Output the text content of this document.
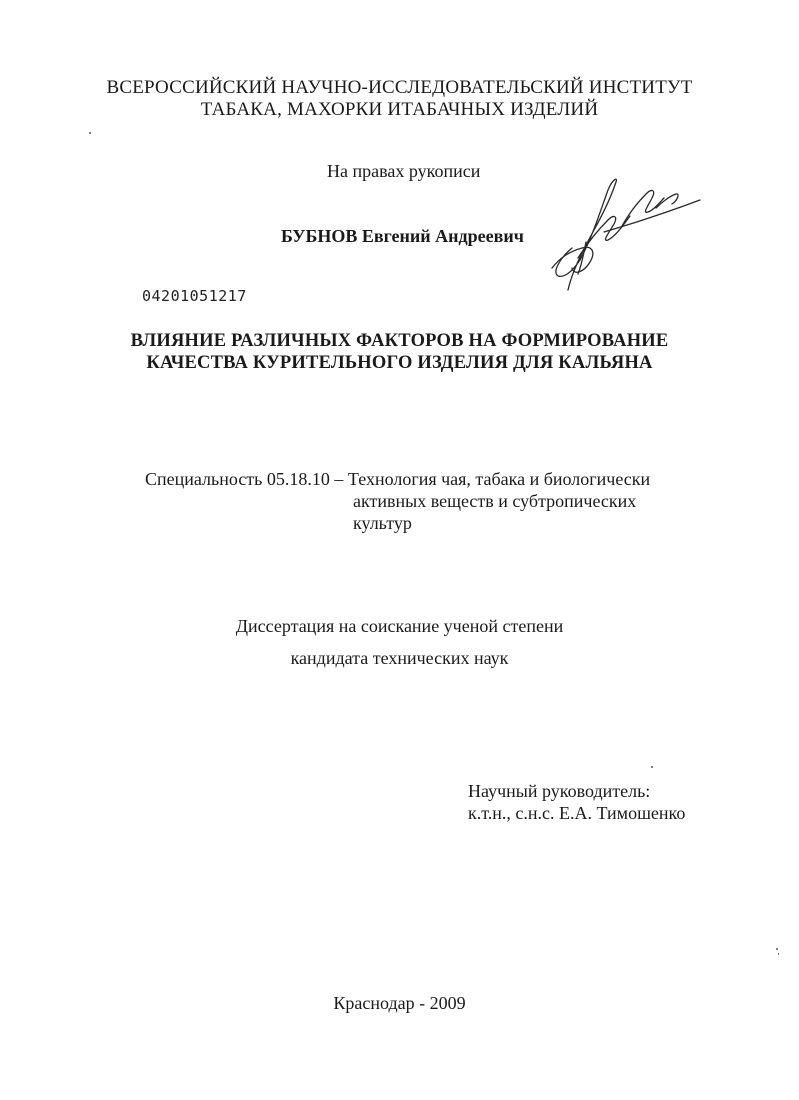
ВСЕРОССИЙСКИЙ НАУЧНО-ИССЛЕДОВАТЕЛЬСКИЙ ИНСТИТУТ
ТАБАКА, МАХОРКИ ИТАБАЧНЫХ ИЗДЕЛИЙ
На правах рукописи
БУБНОВ Евгений Андреевич
04201051217
ВЛИЯНИЕ РАЗЛИЧНЫХ ФАКТОРОВ НА ФОРМИРОВАНИЕ
КАЧЕСТВА КУРИТЕЛЬНОГО ИЗДЕЛИЯ ДЛЯ КАЛЬЯНА
Специальность 05.18.10 – Технология чая, табака и биологически
активных веществ и субтропических
культур
Диссертация на соискание ученой степени
кандидата технических наук
Научный руководитель:
к.т.н., с.н.с. Е.А. Тимошенко
Краснодар - 2009
